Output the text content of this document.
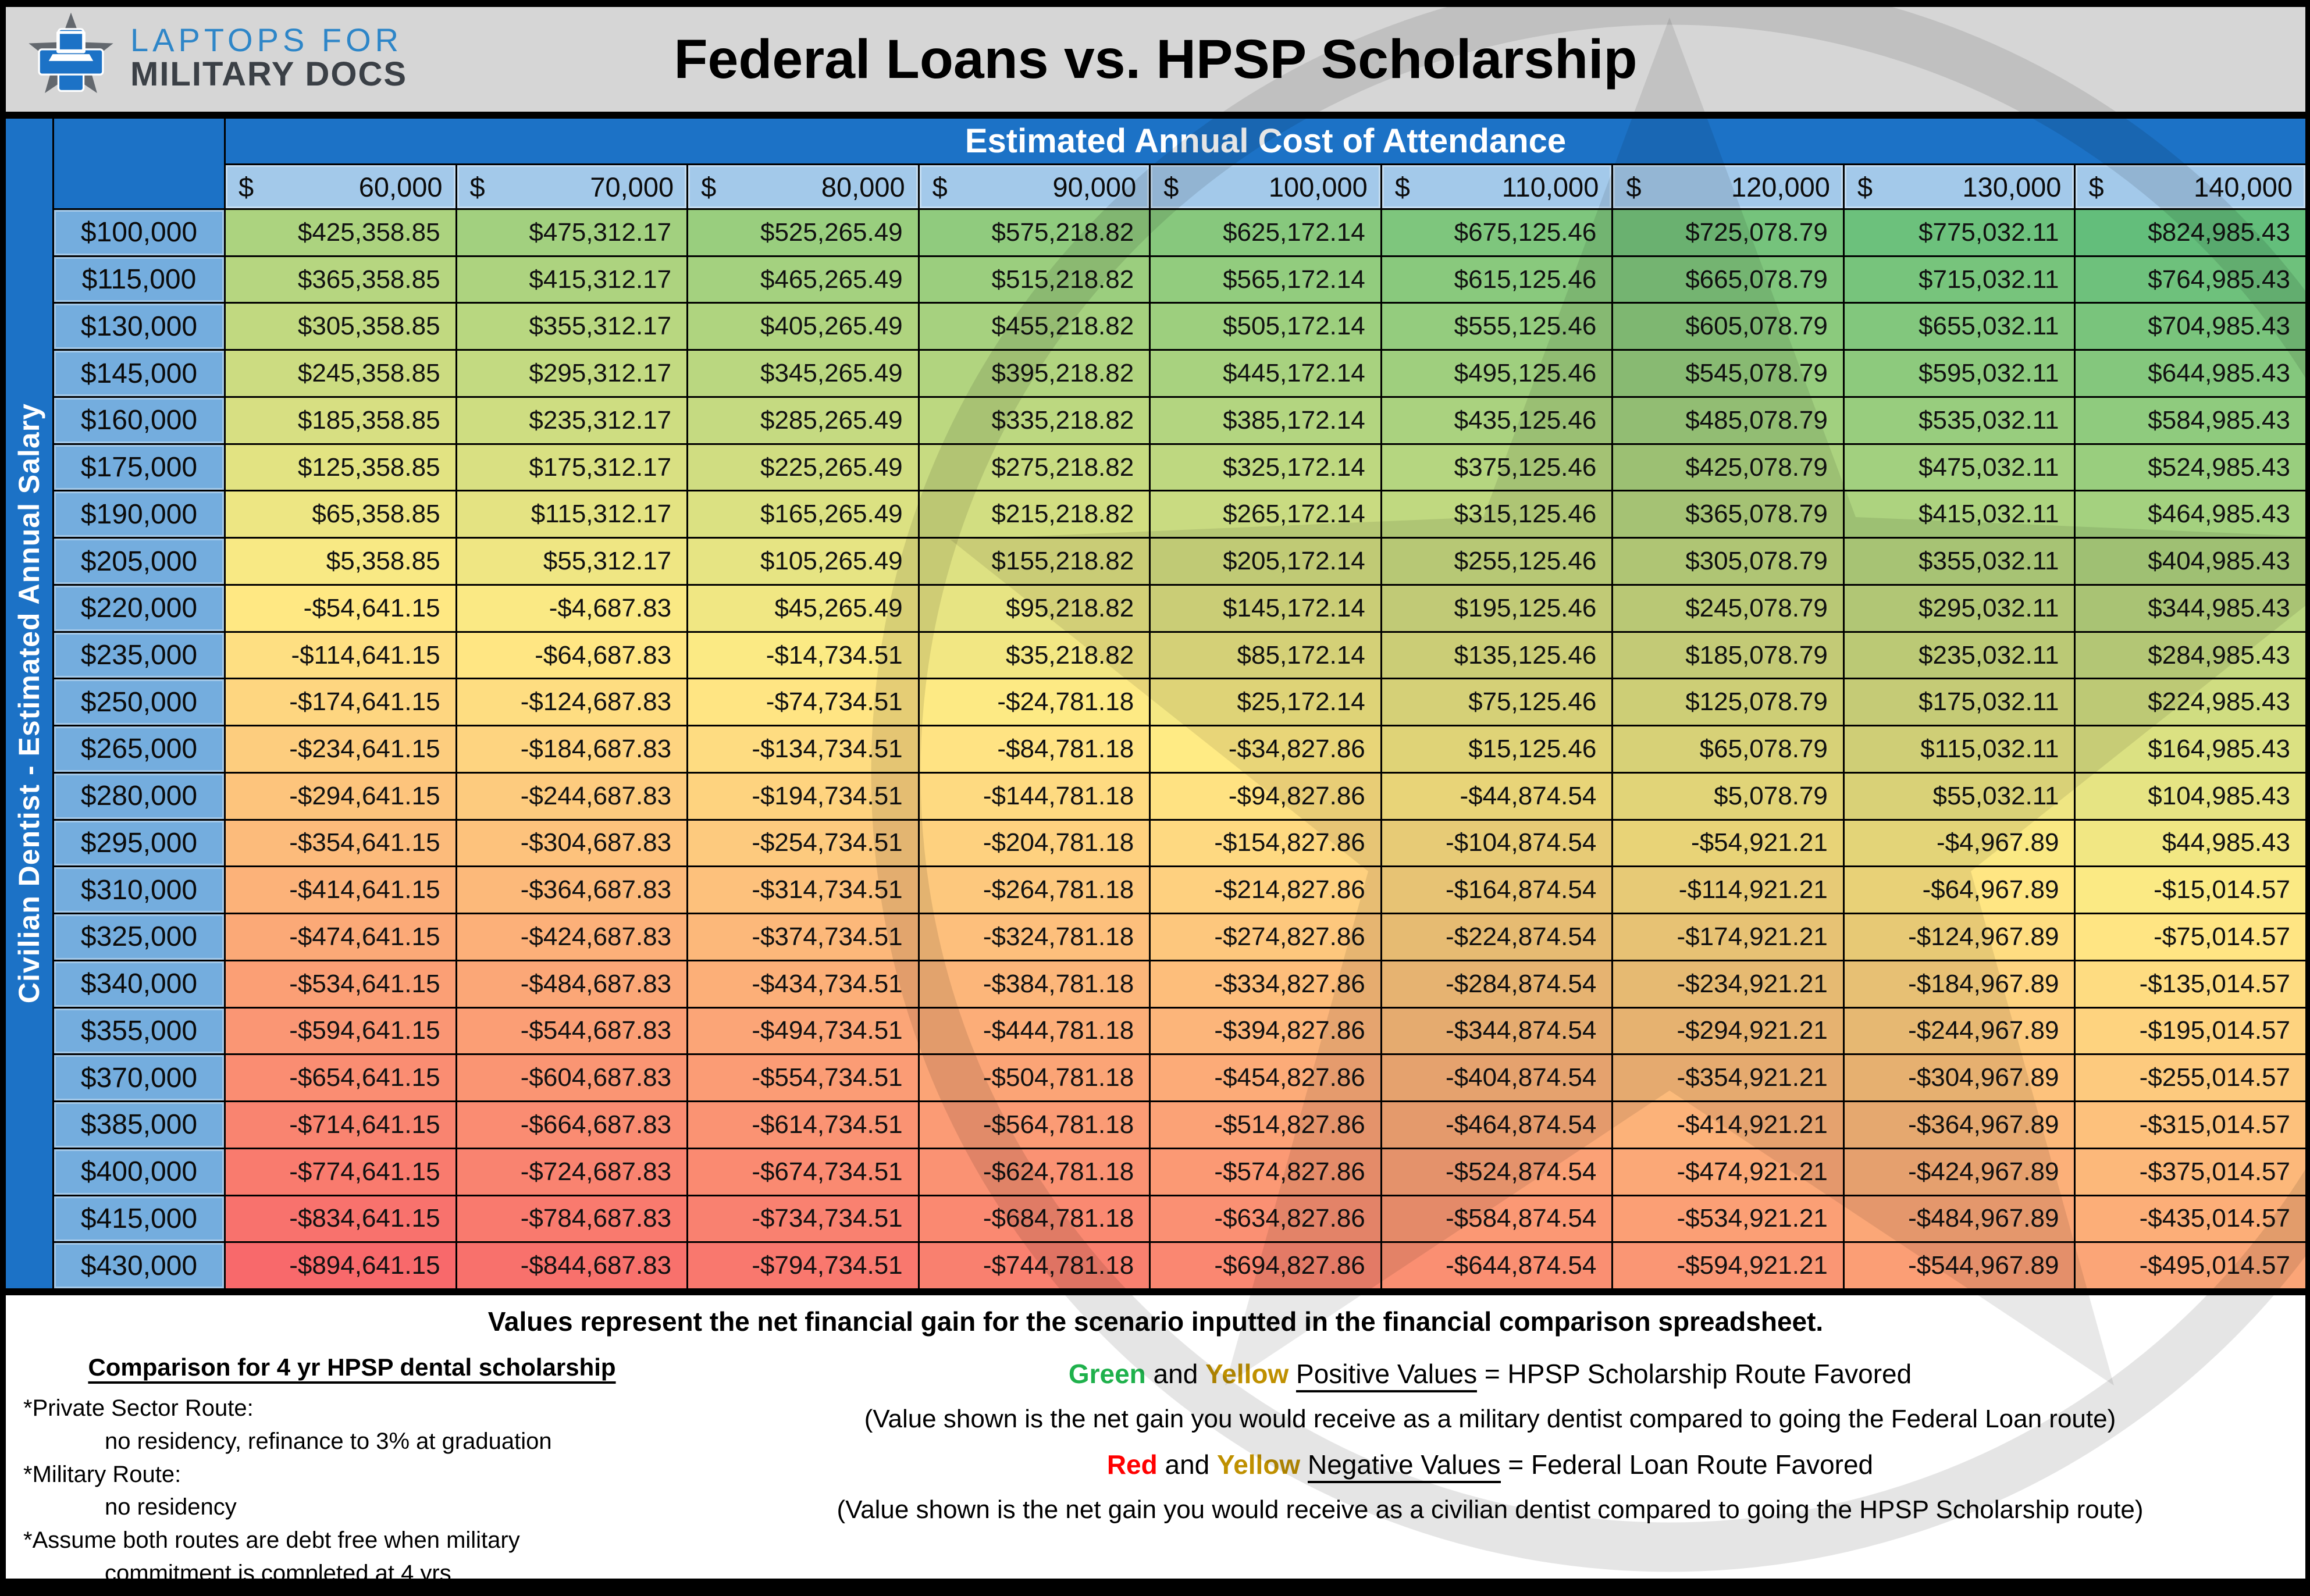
LAPTOPS FOR
MILITARY DOCS	Federal Loans vs. HPSP Scholarship
Civilian Dentist - Estimated Annual Salary
Estimated Annual Cost of Attendance
$	60,000 $	70,000 $	80,000 $	90,000 $	100,000 $	110,000 $	120,000 $	130,000 $	140,000
$100,000	$425,358.85	$475,312.17	$525,265.49	$575,218.82	$625,172.14	$675,125.46	$725,078.79	$775,032.11	$824,985.43
$115,000	$365,358.85	$415,312.17	$465,265.49	$515,218.82	$565,172.14	$615,125.46	$665,078.79	$715,032.11	$764,985.43
$130,000	$305,358.85	$355,312.17	$405,265.49	$455,218.82	$505,172.14	$555,125.46	$605,078.79	$655,032.11	$704,985.43
$145,000	$245,358.85	$295,312.17	$345,265.49	$395,218.82	$445,172.14	$495,125.46	$545,078.79	$595,032.11	$644,985.43
$160,000	$185,358.85	$235,312.17	$285,265.49	$335,218.82	$385,172.14	$435,125.46	$485,078.79	$535,032.11	$584,985.43
$175,000	$125,358.85	$175,312.17	$225,265.49	$275,218.82	$325,172.14	$375,125.46	$425,078.79	$475,032.11	$524,985.43
$190,000	$65,358.85	$115,312.17	$165,265.49	$215,218.82	$265,172.14	$315,125.46	$365,078.79	$415,032.11	$464,985.43
$205,000	$5,358.85	$55,312.17	$105,265.49	$155,218.82	$205,172.14	$255,125.46	$305,078.79	$355,032.11	$404,985.43
$220,000	-$54,641.15	-$4,687.83	$45,265.49	$95,218.82	$145,172.14	$195,125.46	$245,078.79	$295,032.11	$344,985.43
$235,000	-$114,641.15	-$64,687.83	-$14,734.51	$35,218.82	$85,172.14	$135,125.46	$185,078.79	$235,032.11	$284,985.43
$250,000	-$174,641.15	-$124,687.83	-$74,734.51	-$24,781.18	$25,172.14	$75,125.46	$125,078.79	$175,032.11	$224,985.43
$265,000	-$234,641.15	-$184,687.83	-$134,734.51	-$84,781.18	-$34,827.86	$15,125.46	$65,078.79	$115,032.11	$164,985.43
$280,000	-$294,641.15	-$244,687.83	-$194,734.51	-$144,781.18	-$94,827.86	-$44,874.54	$5,078.79	$55,032.11	$104,985.43
$295,000	-$354,641.15	-$304,687.83	-$254,734.51	-$204,781.18	-$154,827.86	-$104,874.54	-$54,921.21	-$4,967.89	$44,985.43
$310,000	-$414,641.15	-$364,687.83	-$314,734.51	-$264,781.18	-$214,827.86	-$164,874.54	-$114,921.21	-$64,967.89	-$15,014.57
$325,000	-$474,641.15	-$424,687.83	-$374,734.51	-$324,781.18	-$274,827.86	-$224,874.54	-$174,921.21	-$124,967.89	-$75,014.57
$340,000	-$534,641.15	-$484,687.83	-$434,734.51	-$384,781.18	-$334,827.86	-$284,874.54	-$234,921.21	-$184,967.89	-$135,014.57
$355,000	-$594,641.15	-$544,687.83	-$494,734.51	-$444,781.18	-$394,827.86	-$344,874.54	-$294,921.21	-$244,967.89	-$195,014.57
$370,000	-$654,641.15	-$604,687.83	-$554,734.51	-$504,781.18	-$454,827.86	-$404,874.54	-$354,921.21	-$304,967.89	-$255,014.57
$385,000	-$714,641.15	-$664,687.83	-$614,734.51	-$564,781.18	-$514,827.86	-$464,874.54	-$414,921.21	-$364,967.89	-$315,014.57
$400,000	-$774,641.15	-$724,687.83	-$674,734.51	-$624,781.18	-$574,827.86	-$524,874.54	-$474,921.21	-$424,967.89	-$375,014.57
$415,000	-$834,641.15	-$784,687.83	-$734,734.51	-$684,781.18	-$634,827.86	-$584,874.54	-$534,921.21	-$484,967.89	-$435,014.57
$430,000	-$894,641.15	-$844,687.83	-$794,734.51	-$744,781.18	-$694,827.86	-$644,874.54	-$594,921.21	-$544,967.89	-$495,014.57
Values represent the net financial gain for the scenario inputted in the financial comparison spreadsheet.
Comparison for 4 yr HPSP dental scholarship
*Private Sector Route:
no residency, refinance to 3% at graduation
*Military Route:
no residency
*Assume both routes are debt free when military
commitment is completed at 4 yrs
Green and Yellow Positive Values = HPSP Scholarship Route Favored
(Value shown is the net gain you would receive as a military dentist compared to going the Federal Loan route)
Red and Yellow Negative Values = Federal Loan Route Favored
(Value shown is the net gain you would receive as a civilian dentist compared to going the HPSP Scholarship route)
